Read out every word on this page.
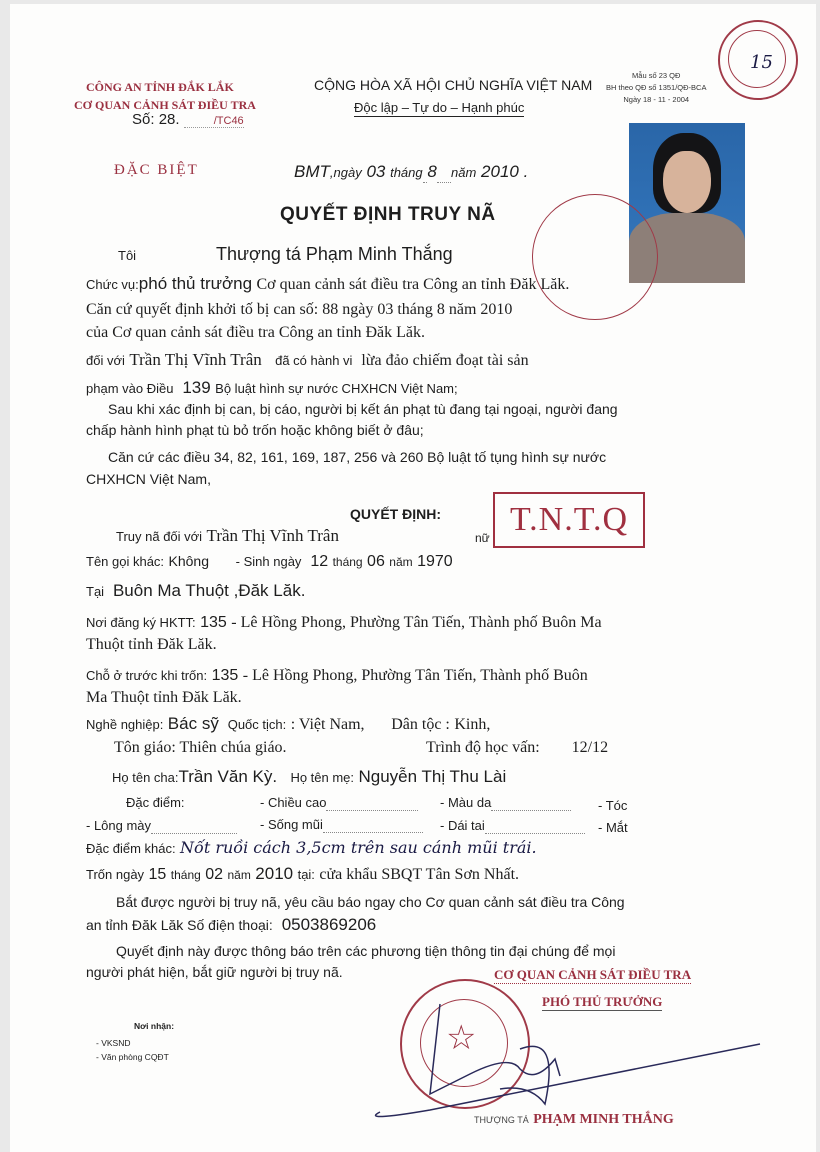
CÔNG AN TỈNH ĐẮK LẮK
CƠ QUAN CẢNH SÁT ĐIỀU TRA
Số: 28.	/TC46
ĐẶC BIỆT
CỘNG HÒA XÃ HỘI CHỦ NGHĨA VIỆT NAM
Độc lập – Tự do – Hạnh phúc
Mẫu số 23 QĐ
BH theo QĐ số 1351/QĐ-BCA
Ngày 18 - 11 - 2004
15
BMT,ngày 03 tháng 8 năm 2010 .
QUYẾT ĐỊNH TRUY NÃ
Tôi	Thượng tá Phạm Minh Thắng
Chức vụ:phó thủ trưởng Cơ quan cảnh sát điều tra Công an tỉnh Đăk Lăk.
Căn cứ quyết định khởi tố bị can số: 88 ngày 03 tháng 8 năm 2010
của Cơ quan cảnh sát điều tra Công an tỉnh Đăk Lăk.
đối với Trần Thị Vĩnh Trân đã có hành vi lừa đảo chiếm đoạt tài sản
phạm vào Điều 139 Bộ luật hình sự nước CHXHCN Việt Nam;
Sau khi xác định bị can, bị cáo, người bị kết án phạt tù đang tại ngoại, người đang
chấp hành hình phạt tù bỏ trốn hoặc không biết ở đâu;
Căn cứ các điều 34, 82, 161, 169, 187, 256 và 260 Bộ luật tố tụng hình sự nước
CHXHCN Việt Nam,
QUYẾT ĐỊNH:	T.N.T.Q
Truy nã đối với Trần Thị Vĩnh Trân	nữ
Tên gọi khác: Không - Sinh ngày 12 tháng 06 năm 1970
Tại Buôn Ma Thuột ,Đăk Lăk.
Nơi đăng ký HKTT: 135 - Lê Hồng Phong, Phường Tân Tiến, Thành phố Buôn Ma
Thuột tỉnh Đăk Lăk.
Chỗ ở trước khi trốn: 135 - Lê Hồng Phong, Phường Tân Tiến, Thành phố Buôn
Ma Thuột tỉnh Đăk Lăk.
Nghề nghiệp: Bác sỹ Quốc tịch: : Việt Nam, Dân tộc : Kinh,
Tôn giáo: Thiên chúa giáo.	Trình độ học vấn: 12/12
Họ tên cha:Trần Văn Kỳ. Họ tên mẹ: Nguyễn Thị Thu Lài
Đặc điểm:	- Chiều cao	- Màu da	- Tóc
- Lông mày	- Sống mũi	- Dái tai	- Mắt
Đặc điểm khác: Nốt ruồi cách 3,5cm trên sau cánh mũi trái.
Trốn ngày 15 tháng 02 năm 2010 tại: cửa khẩu SBQT Tân Sơn Nhất.
Bắt được người bị truy nã, yêu cầu báo ngay cho Cơ quan cảnh sát điều tra Công
an tỉnh Đăk Lăk Số điện thoại: 0503869206
Quyết định này được thông báo trên các phương tiện thông tin đại chúng để mọi
người phát hiện, bắt giữ người bị truy nã.	CƠ QUAN CẢNH SÁT ĐIỀU TRA
PHÓ THỦ TRƯỞNG
☆
THƯỢNG TÁ PHẠM MINH THẮNG
Nơi nhận:
- VKSND
- Văn phòng CQĐT
